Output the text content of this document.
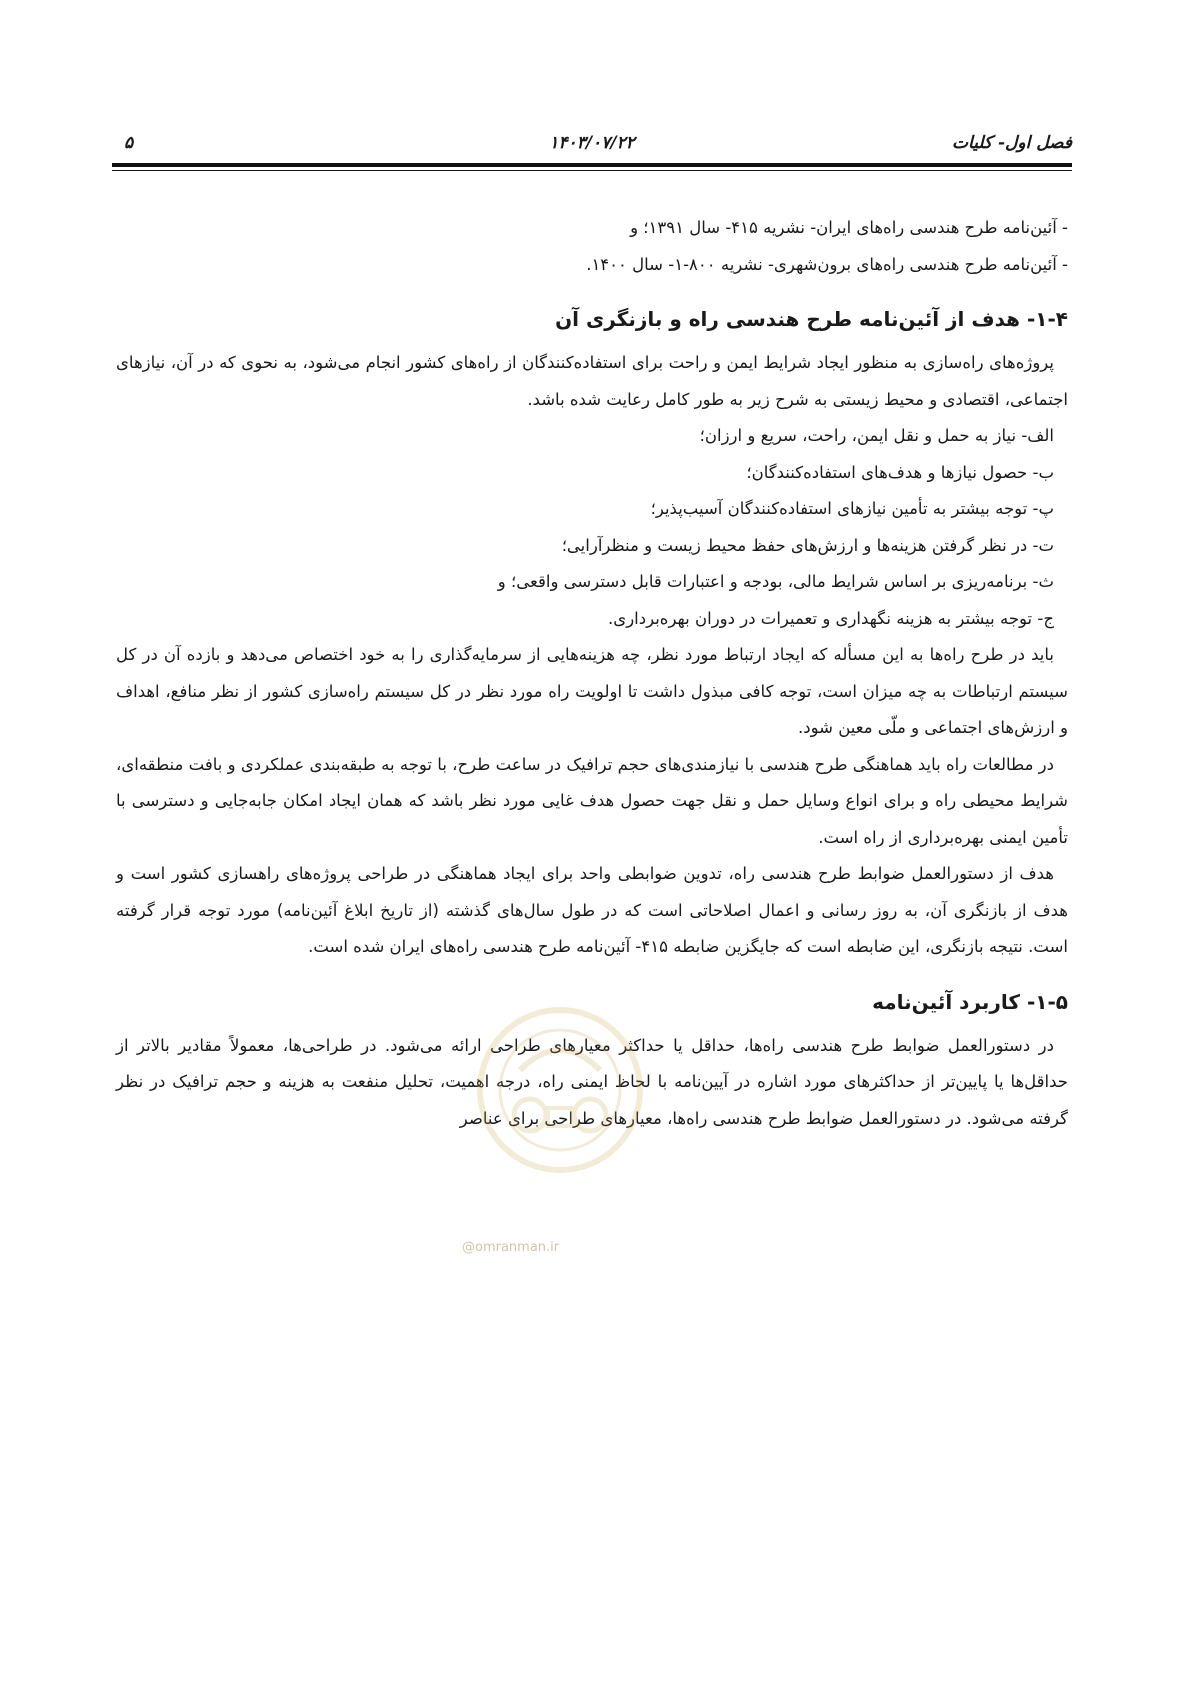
فصل اول- کلیات
۱۴۰۳/۰۷/۲۲
۵

- آئین‌نامه طرح هندسی راه‌های ایران- نشریه ۴۱۵- سال ۱۳۹۱؛ و

- آئین‌نامه طرح هندسی راه‌های برون‌شهری- نشریه ۸۰۰-۱- سال ۱۴۰۰.

۱-۴- هدف از آئین‌نامه طرح هندسی راه و بازنگری آن

پروژه‌های راه‌سازی به منظور ایجاد شرایط ایمن و راحت برای استفاده‌کنندگان از راه‌های کشور انجام می‌شود، به نحوی که در آن، نیازهای اجتماعی، اقتصادی و محیط زیستی به شرح زیر به طور کامل رعایت شده باشد.

الف- نیاز به حمل و نقل ایمن، راحت، سریع و ارزان؛
ب- حصول نیازها و هدف‌های استفاده‌کنندگان؛
پ- توجه بیشتر به تأمین نیازهای استفاده‌کنندگان آسیب‌پذیر؛
ت- در نظر گرفتن هزینه‌ها و ارزش‌های حفظ محیط زیست و منظرآرایی؛
ث- برنامه‌ریزی بر اساس شرایط مالی، بودجه و اعتبارات قابل دسترسی واقعی؛ و
ج- توجه بیشتر به هزینه نگهداری و تعمیرات در دوران بهره‌برداری.

باید در طرح راه‌ها به این مسأله که ایجاد ارتباط مورد نظر، چه هزینه‌هایی از سرمایه‌گذاری را به خود اختصاص می‌دهد و بازده آن در کل سیستم ارتباطات به چه میزان است، توجه کافی مبذول داشت تا اولویت راه مورد نظر در کل سیستم راه‌سازی کشور از نظر منافع، اهداف و ارزش‌های اجتماعی و ملّی معین شود.

در مطالعات راه باید هماهنگی طرح هندسی با نیازمندی‌های حجم ترافیک در ساعت طرح، با توجه به طبقه‌بندی عملکردی و بافت منطقه‌ای، شرایط محیطی راه و برای انواع وسایل حمل و نقل جهت حصول هدف غایی مورد نظر باشد که همان ایجاد امکان جابه‌جایی و دسترسی با تأمین ایمنی بهره‌برداری از راه است.

هدف از دستورالعمل ضوابط طرح هندسی راه، تدوین ضوابطی واحد برای ایجاد هماهنگی در طراحی پروژه‌های راهسازی کشور است و هدف از بازنگری آن، به روز رسانی و اعمال اصلاحاتی است که در طول سال‌های گذشته (از تاریخ ابلاغ آئین‌نامه) مورد توجه قرار گرفته است. نتیجه بازنگری، این ضابطه است که جایگزین ضابطه ۴۱۵- آئین‌نامه طرح هندسی راه‌های ایران شده است.

۱-۵- کاربرد آئین‌نامه

در دستورالعمل ضوابط طرح هندسی راه‌ها، حداقل یا حداکثر معیارهای طراحی ارائه می‌شود. در طراحی‌ها، معمولاً مقادیر بالاتر از حداقل‌ها یا پایین‌تر از حداکثرهای مورد اشاره در آیین‌نامه با لحاظ ایمنی راه، درجه اهمیت، تحلیل منفعت به هزینه و حجم ترافیک در نظر گرفته می‌شود. در دستورالعمل ضوابط طرح هندسی راه‌ها، معیارهای طراحی برای عناصر

@omranman.ir
